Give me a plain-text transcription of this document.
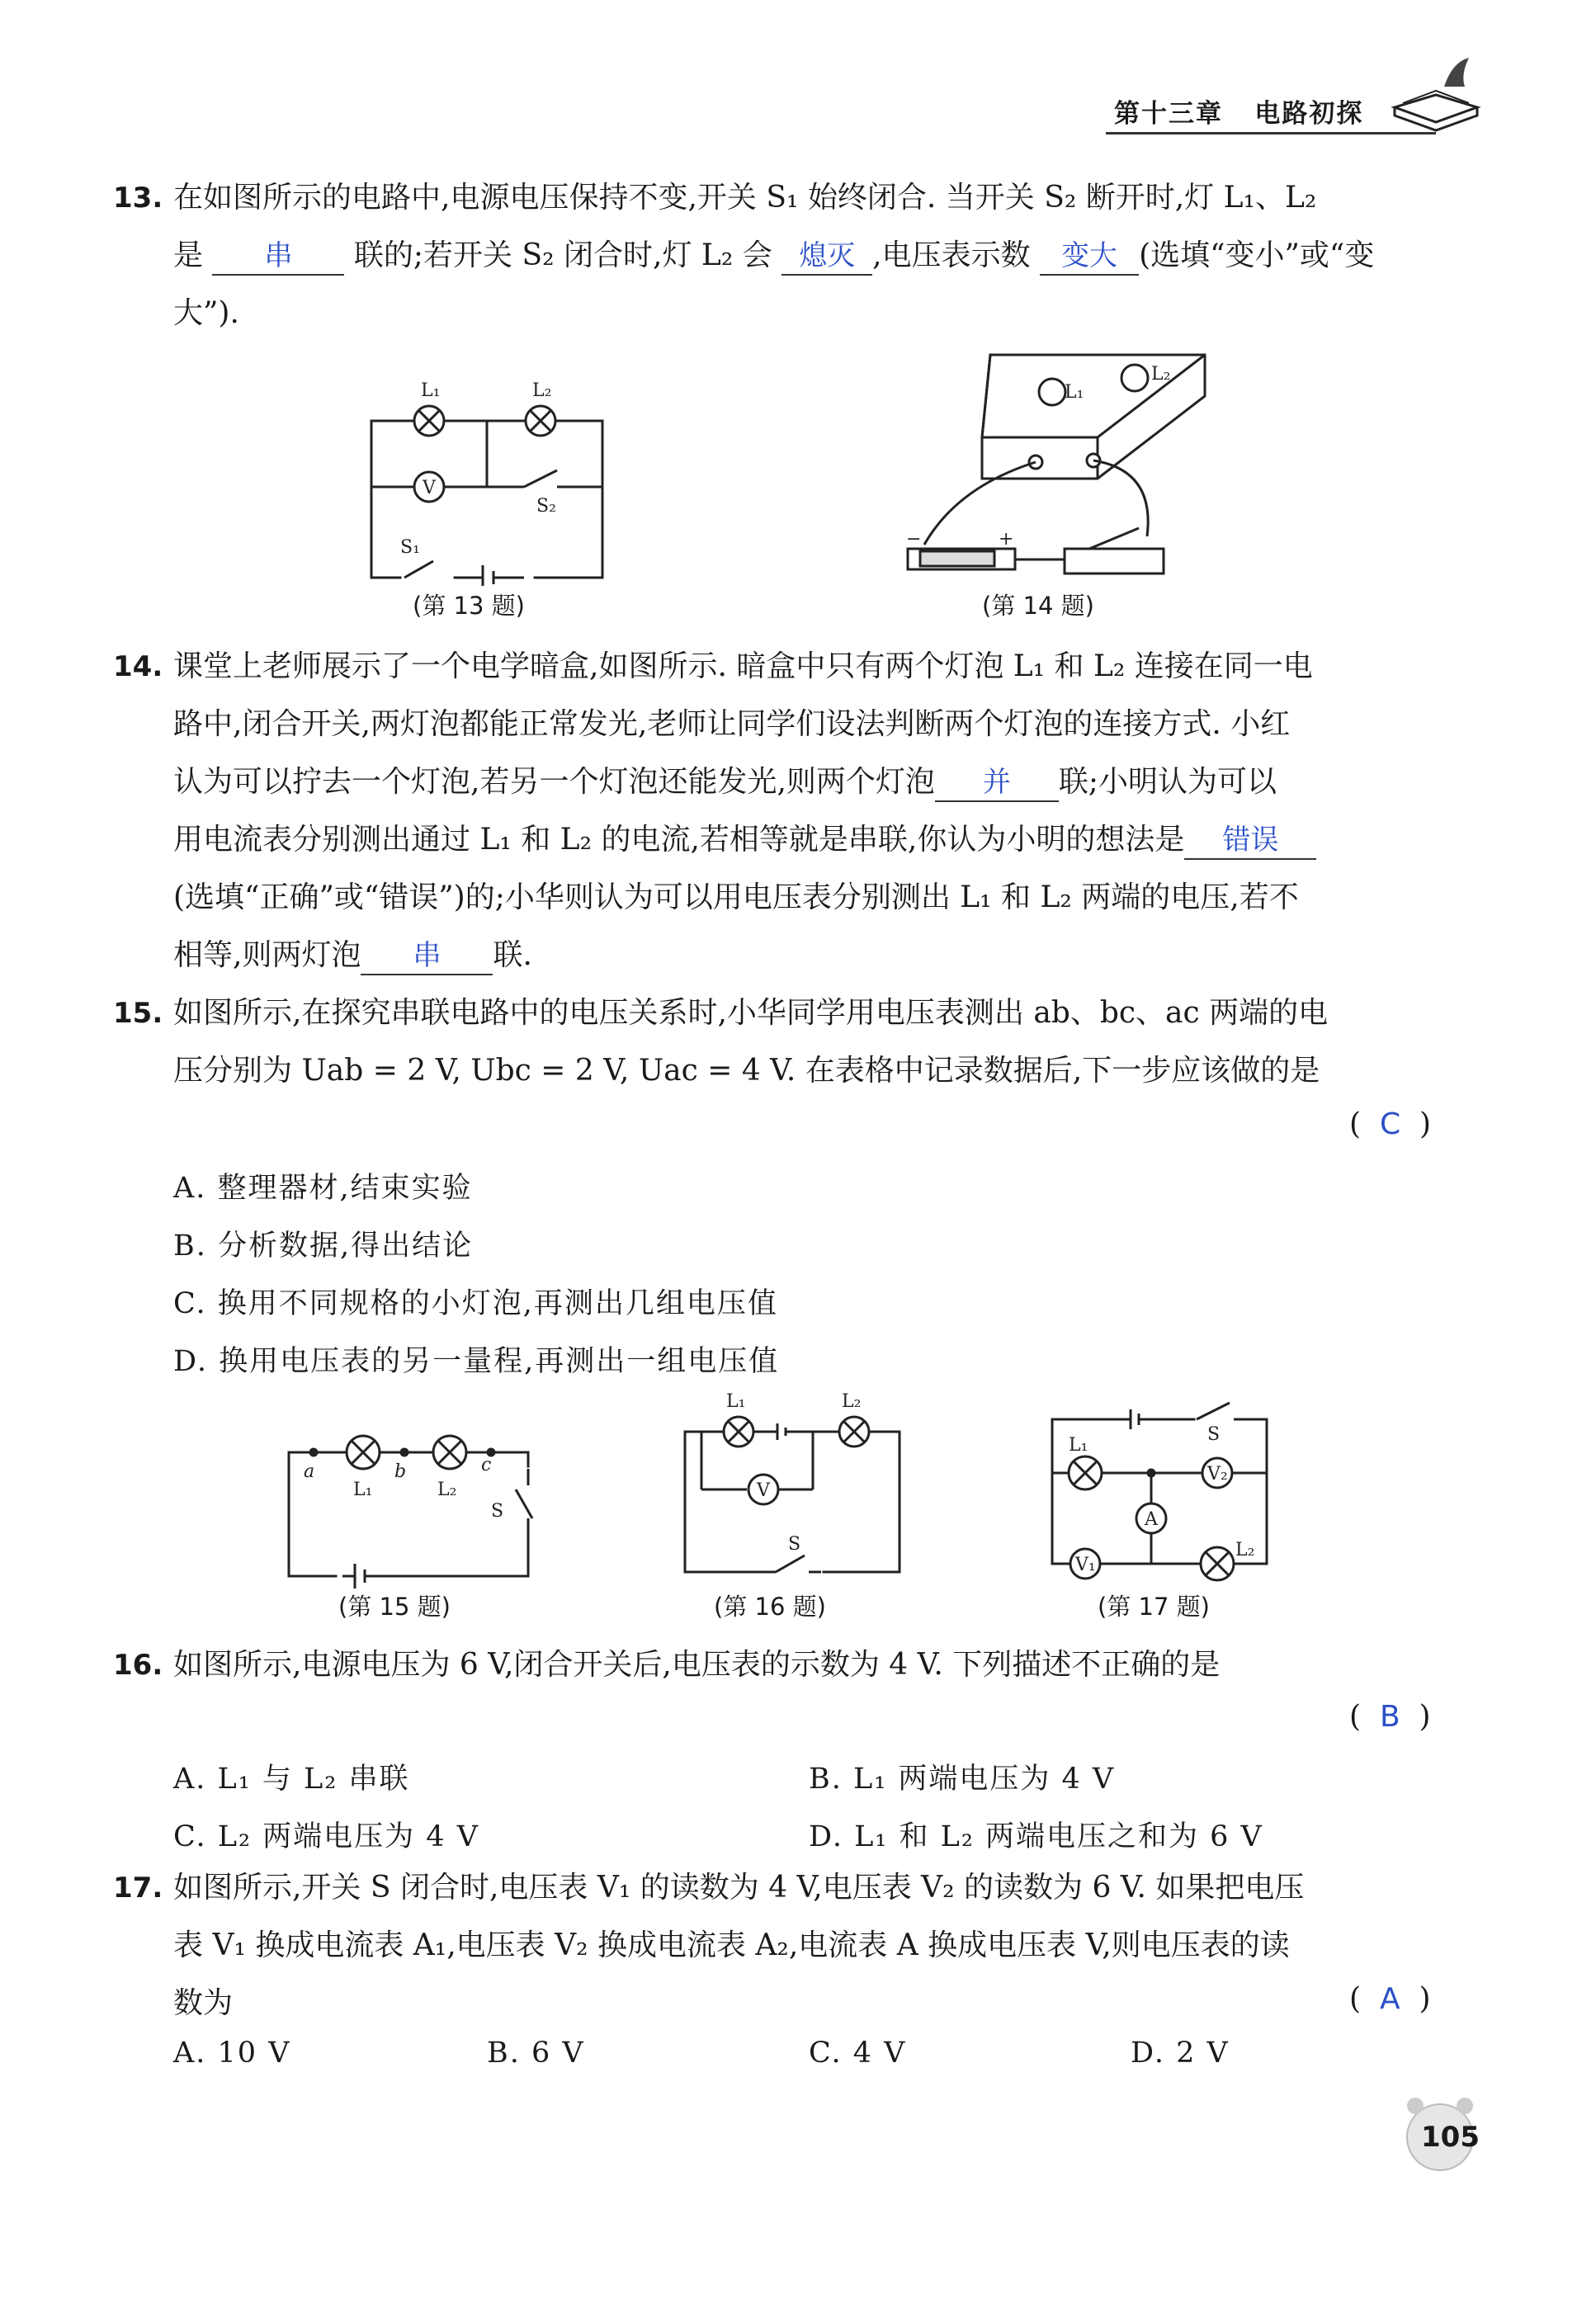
第十三章 电路初探
13. 在如图所示的电路中,电源电压保持不变,开关 S₁ 始终闭合. 当开关 S₂ 断开时,灯 L₁、L₂
是 串 联的;若开关 S₂ 闭合时,灯 L₂ 会 熄灭 ,电压表示数 变大 (选填“变小”或“变
大”).
L₁	L₂
V
S₁
S₂
(第 13 题)
L₁
L₂
−	+
(第 14 题)
14. 课堂上老师展示了一个电学暗盒,如图所示. 暗盒中只有两个灯泡 L₁ 和 L₂ 连接在同一电
路中,闭合开关,两灯泡都能正常发光,老师让同学们设法判断两个灯泡的连接方式. 小红
认为可以拧去一个灯泡,若另一个灯泡还能发光,则两个灯泡 并 联;小明认为可以
用电流表分别测出通过 L₁ 和 L₂ 的电流,若相等就是串联,你认为小明的想法是 错误
(选填“正确”或“错误”)的;小华则认为可以用电压表分别测出 L₁ 和 L₂ 两端的电压,若不
相等,则两灯泡 串 联.
15. 如图所示,在探究串联电路中的电压关系时,小华同学用电压表测出 ab、bc、ac 两端的电
压分别为 Uab = 2 V, Ubc = 2 V, Uac = 4 V. 在表格中记录数据后,下一步应该做的是
(  C  )
A. 整理器材,结束实验
B. 分析数据,得出结论
C. 换用不同规格的小灯泡,再测出几组电压值
D. 换用电压表的另一量程,再测出一组电压值
a	b	c
L₁	L₂
S
(第 15 题)
L₁	L₂
V
S
(第 16 题)
L₁
V₂
A
V₁
L₂
S
(第 17 题)
16. 如图所示,电源电压为 6 V,闭合开关后,电压表的示数为 4 V. 下列描述不正确的是
(  B  )
A. L₁ 与 L₂ 串联	B. L₁ 两端电压为 4 V
C. L₂ 两端电压为 4 V	D. L₁ 和 L₂ 两端电压之和为 6 V
17. 如图所示,开关 S 闭合时,电压表 V₁ 的读数为 4 V,电压表 V₂ 的读数为 6 V. 如果把电压
表 V₁ 换成电流表 A₁,电压表 V₂ 换成电流表 A₂,电流表 A 换成电压表 V,则电压表的读
数为	(  A  )
A. 10 V	B. 6 V	C. 4 V	D. 2 V
105
